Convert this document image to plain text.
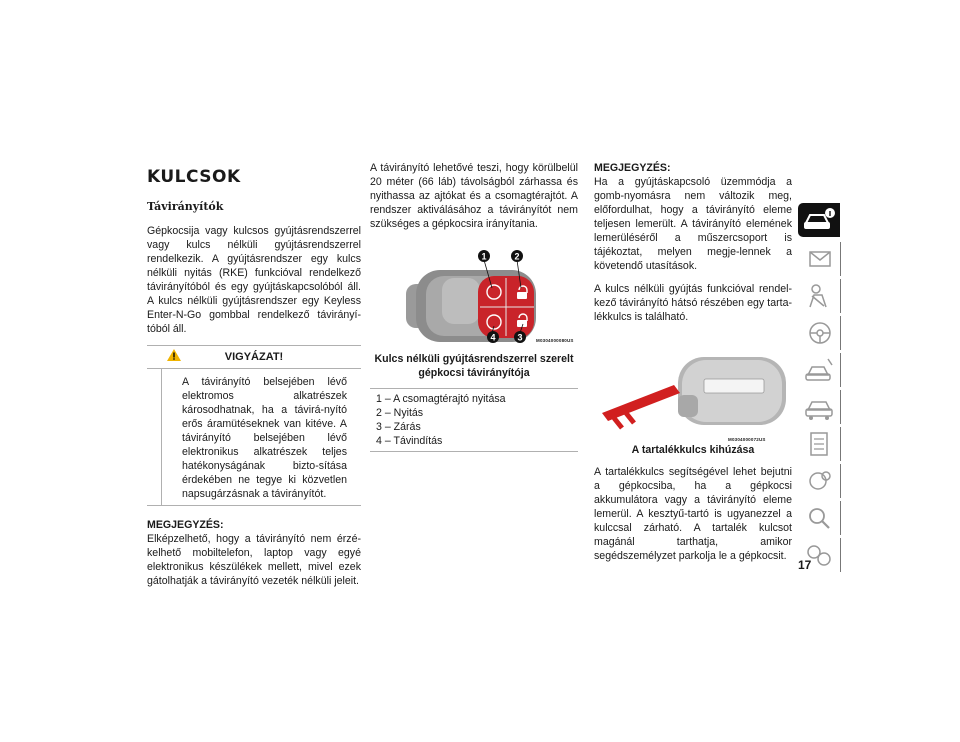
KULCSOK
Távirányítók

Gépkocsija vagy kulcsos gyújtásrendszerrel vagy kulcs nélküli gyújtásrendszerrel rendelkezik. A gyújtásrendszer egy kulcs nélküli nyitás (RKE) funkcióval rendelkező távirányítóból és egy gyújtáskapcsolóból áll. A kulcs nélküli gyújtásrendszer egy Keyless Enter-N-Go gombbal rendelkező távirányí-tóból áll.

VIGYÁZAT!
A távirányító belsejében lévő elektromos alkatrészek károsodhatnak, ha a távirá-nyító erős áramütéseknek van kitéve. A távirányító belsejében lévő elektronikus alkatrészek teljes hatékonyságának bizto-sítása érdekében ne tegye ki közvetlen napsugárzásnak a távirányítót.
MEGJEGYZÉS:

Elképzelhető, hogy a távirányító nem érzé-kelhető mobiltelefon, laptop vagy egyé elektronikus készülékek mellett, mivel ezek gátolhatják a távirányító vezeték nélküli jeleit.

A távirányító lehetővé teszi, hogy körülbelül 20 méter (66 láb) távolságból zárhassa és nyithassa az ajtókat és a csomagtérajtót. A rendszer aktiválásához a távirányítót nem szükséges a gépkocsira irányítania.

1	2
3
4	M0304000080US
Kulcs nélküli gyújtásrendszerrel szerelt gépkocsi távirányítója
1 – A csomagtérajtó nyitása
2 – Nyitás
3 – Zárás
4 – Távindítás
MEGJEGYZÉS:

Ha a gyújtáskapcsoló üzemmódja a gomb-nyomásra nem változik meg, előfordulhat, hogy a távirányító eleme teljesen lemerült. A távirányító elemének lemerüléséről a műszercsoport is tájékoztat, melyen megje-lennek a követendő utasítások.

A kulcs nélküli gyújtás funkcióval rendel-kező távirányító hátsó részében egy tarta-lékkulcs is található.

M0304000072US
A tartalékkulcs kihúzása

A tartalékkulcs segítségével lehet bejutni a gépkocsiba, ha a gépkocsi akkumulátora vagy a távirányító eleme lemerül. A kesztyű-tartó is ugyanezzel a kulccsal zárható. A tartalék kulcsot magánál tarthatja, amikor segédszemélyzet parkolja le a gépkocsit.

17
